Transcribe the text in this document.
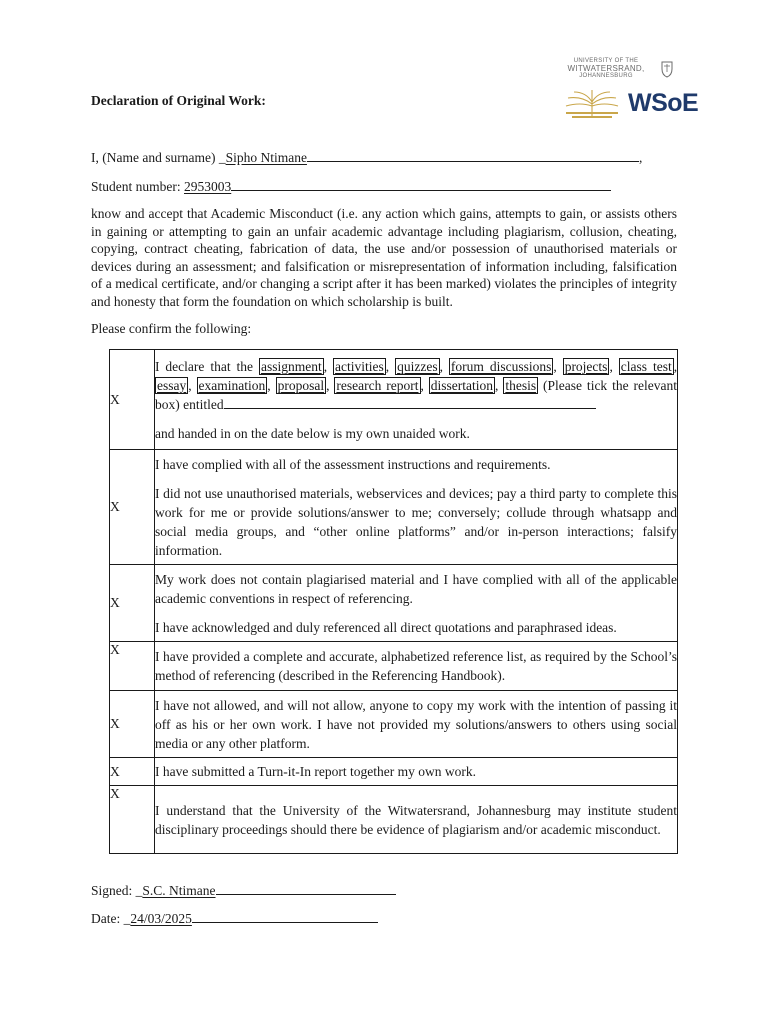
UNIVERSITY OF THE
WITWATERSRAND,
JOHANNESBURG
WSoE
Declaration of Original Work:
I, (Name and surname) _Sipho Ntimane	,
Student number: 2953003
know and accept that Academic Misconduct (i.e. any action which gains, attempts to gain, or assists others in gaining or attempting to gain an unfair academic advantage including plagiarism, collusion, cheating, copying, contract cheating, fabrication of data, the use and/or possession of unauthorised materials or devices during an assessment; and falsification or misrepresentation of information including, falsification of a medical certificate, and/or changing a script after it has been marked) violates the principles of integrity and honesty that form the foundation on which scholarship is built.
Please confirm the following:
X	I declare that the assignment , activities , quizzes , forum discussions , projects , class test , essay , examination , proposal , research report , dissertation , thesis (Please tick the relevant box) entitled

and handed in on the date below is my own unaided work.

X	I have complied with all of the assessment instructions and requirements.

I did not use unauthorised materials, webservices and devices; pay a third party to complete this work for me or provide solutions/answer to me; conversely; collude through whatsapp and social media groups, and “other online platforms” and/or in-person interactions; falsify information.

X	My work does not contain plagiarised material and I have complied with all of the applicable academic conventions in respect of referencing.

I have acknowledged and duly referenced all direct quotations and paraphrased ideas.

X	I have provided a complete and accurate, alphabetized reference list, as required by the School’s method of referencing (described in the Referencing Handbook).

X	I have not allowed, and will not allow, anyone to copy my work with the intention of passing it off as his or her own work. I have not provided my solutions/answers to others using social media or any other platform.

X	I have submitted a Turn-it-In report together my own work.

X	I understand that the University of the Witwatersrand, Johannesburg may institute student disciplinary proceedings should there be evidence of plagiarism and/or academic misconduct.

Signed: _S.C. Ntimane
Date: _24/03/2025
